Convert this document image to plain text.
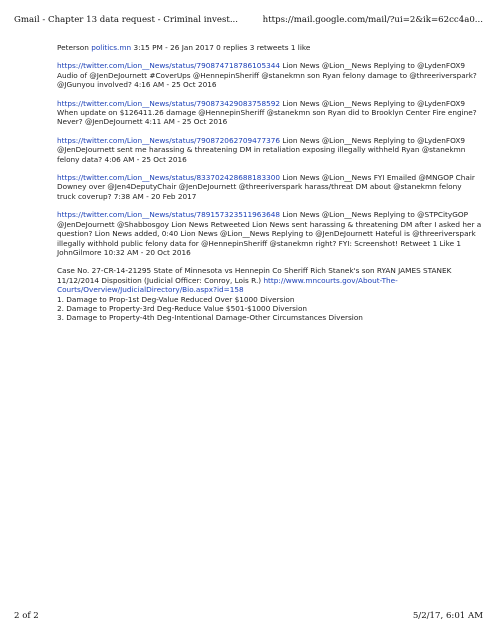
Gmail - Chapter 13 data request - Criminal invest...	https://mail.google.com/mail/?ui=2&ik=62cc4a0...

Peterson politics.mn 3:15 PM - 26 Jan 2017 0 replies 3 retweets 1 like

https://twitter.com/Lion__News/status/790874718786105344 Lion News @Lion__News Replying to @LydenFOX9 Audio of @JenDeJournett #CoverUps @HennepinSheriff @stanekmn son Ryan felony damage to @threeriverspark? @JGunyou involved? 4:16 AM - 25 Oct 2016

https://twitter.com/Lion__News/status/790873429083758592 Lion News @Lion__News Replying to @LydenFOX9 When update on $126411.26 damage @HennepinSheriff @stanekmn son Ryan did to Brooklyn Center Fire engine? Never? @JenDeJournett 4:11 AM - 25 Oct 2016

https://twitter.com/Lion__News/status/790872062709477376 Lion News @Lion__News Replying to @LydenFOX9 @JenDeJournett sent me harassing & threatening DM in retaliation exposing illegally withheld Ryan @stanekmn felony data? 4:06 AM - 25 Oct 2016

https://twitter.com/Lion__News/status/833702428688183300 Lion News @Lion__News FYI Emailed @MNGOP Chair Downey over @Jen4DeputyChair @JenDeJournett @threeriverspark harass/threat DM about @stanekmn felony truck coverup? 7:38 AM - 20 Feb 2017

https://twitter.com/Lion__News/status/789157323511963648 Lion News @Lion__News Replying to @STPCityGOP @JenDeJournett @Shabbosgoy Lion News Retweeted Lion News sent harassing & threatening DM after I asked her a question? Lion News added, 0:40 Lion News @Lion__News Replying to @JenDeJournett Hateful is @threeriverspark illegally withhold public felony data for @HennepinSheriff @stanekmn right? FYI: Screenshot! Retweet 1 Like 1 JohnGilmore 10:32 AM - 20 Oct 2016

Case No. 27-CR-14-21295 State of Minnesota vs Hennepin Co Sheriff Rich Stanek's son RYAN JAMES STANEK
11/12/2014 Disposition (Judicial Officer: Conroy, Lois R.) http://www.mncourts.gov/About-The-Courts/Overview/JudicialDirectory/Bio.aspx?id=158
1. Damage to Prop-1st Deg-Value Reduced Over $1000 Diversion
2. Damage to Property-3rd Deg-Reduce Value $501-$1000 Diversion
3. Damage to Property-4th Deg-Intentional Damage-Other Circumstances Diversion
2 of 2	5/2/17, 6:01 AM
